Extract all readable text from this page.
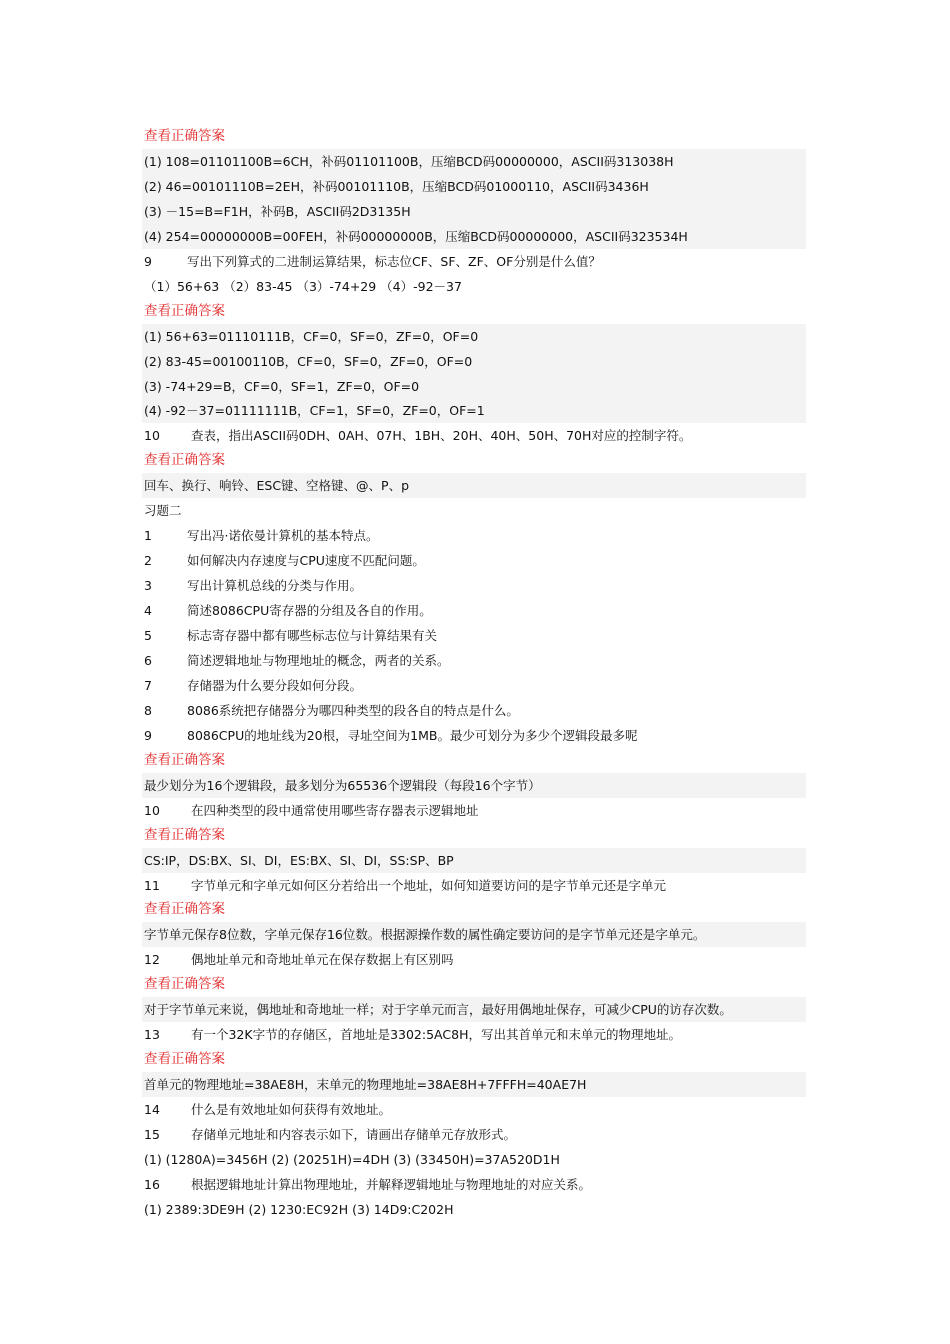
查看正确答案
(1) 108=01101100B=6CH，补码01101100B，压缩BCD码00000000，ASCII码313038H
(2) 46=00101110B=2EH，补码00101110B，压缩BCD码01000110，ASCII码3436H
(3) －15=B=F1H，补码B，ASCII码2D3135H
(4) 254=00000000B=00FEH，补码00000000B，压缩BCD码00000000，ASCII码323534H
9	写出下列算式的二进制运算结果，标志位CF、SF、ZF、OF分别是什么值？
（1）56+63 （2）83-45 （3）-74+29 （4）-92－37
查看正确答案
(1) 56+63=01110111B，CF=0，SF=0，ZF=0，OF=0
(2) 83-45=00100110B，CF=0，SF=0，ZF=0，OF=0
(3) -74+29=B，CF=0，SF=1，ZF=0，OF=0
(4) -92－37=01111111B，CF=1，SF=0，ZF=0，OF=1
10 查表，指出ASCII码0DH、0AH、07H、1BH、20H、40H、50H、70H对应的控制字符。
查看正确答案
回车、换行、响铃、ESC键、空格键、@、P、p
习题二
1	写出冯·诺依曼计算机的基本特点。
2	如何解决内存速度与CPU速度不匹配问题。
3	写出计算机总线的分类与作用。
4	简述8086CPU寄存器的分组及各自的作用。
5	标志寄存器中都有哪些标志位与计算结果有关
6	简述逻辑地址与物理地址的概念，两者的关系。
7	存储器为什么要分段如何分段。
8	8086系统把存储器分为哪四种类型的段各自的特点是什么。
9	8086CPU的地址线为20根，寻址空间为1MB。最少可划分为多少个逻辑段最多呢
查看正确答案
最少划分为16个逻辑段，最多划分为65536个逻辑段（每段16个字节）
10 在四种类型的段中通常使用哪些寄存器表示逻辑地址
查看正确答案
CS:IP，DS:BX、SI、DI，ES:BX、SI、DI，SS:SP、BP
11 字节单元和字单元如何区分若给出一个地址，如何知道要访问的是字节单元还是字单元
查看正确答案
字节单元保存8位数，字单元保存16位数。根据源操作数的属性确定要访问的是字节单元还是字单元。
12 偶地址单元和奇地址单元在保存数据上有区别吗
查看正确答案
对于字节单元来说，偶地址和奇地址一样；对于字单元而言，最好用偶地址保存，可减少CPU的访存次数。
13 有一个32K字节的存储区，首地址是3302:5AC8H，写出其首单元和末单元的物理地址。
查看正确答案
首单元的物理地址=38AE8H，末单元的物理地址=38AE8H+7FFFH=40AE7H
14 什么是有效地址如何获得有效地址。
15 存储单元地址和内容表示如下，请画出存储单元存放形式。
(1) (1280A)=3456H (2) (20251H)=4DH (3) (33450H)=37A520D1H
16 根据逻辑地址计算出物理地址，并解释逻辑地址与物理地址的对应关系。
(1) 2389:3DE9H (2) 1230:EC92H (3) 14D9:C202H
